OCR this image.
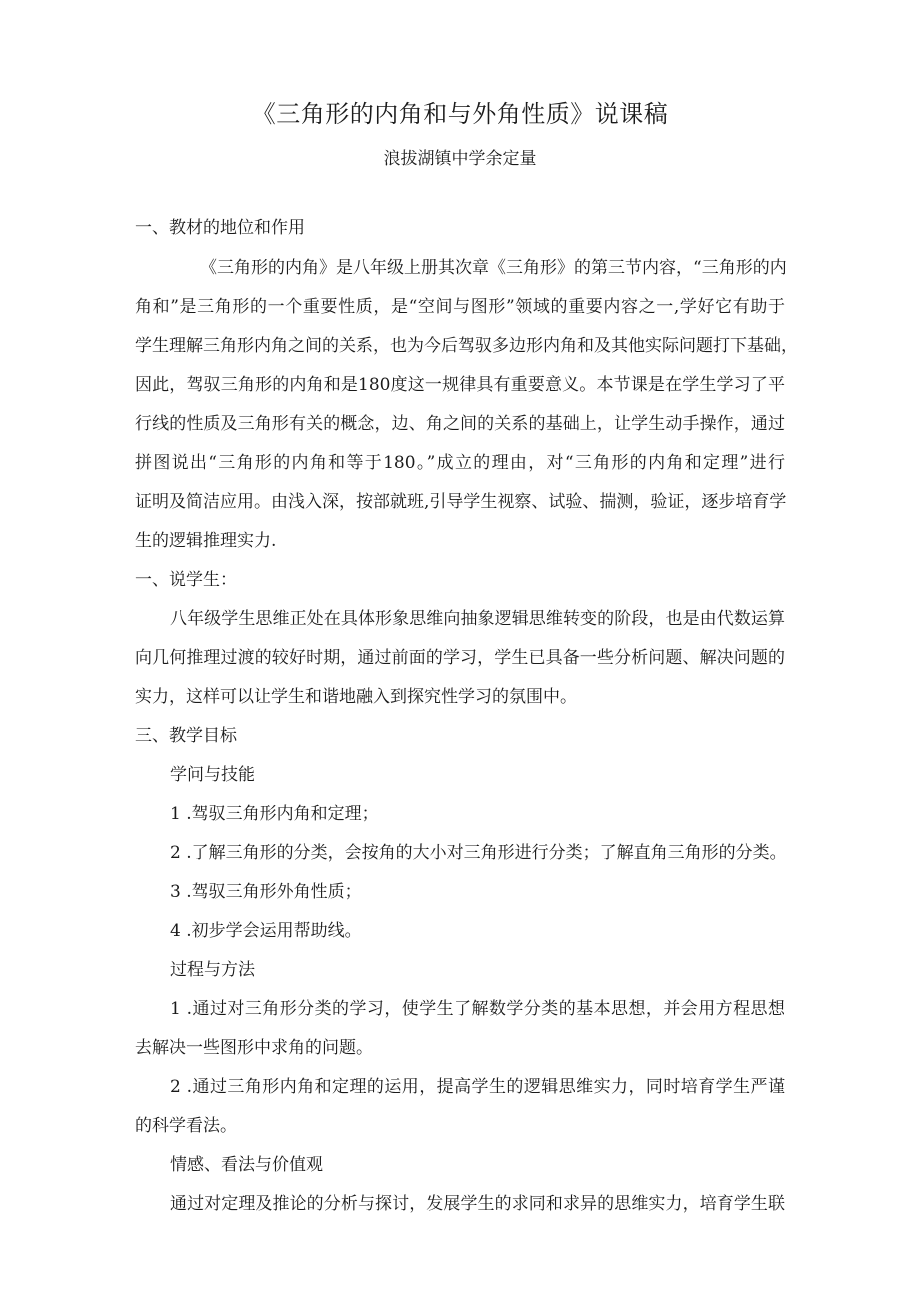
《三角形的内角和与外角性质》说课稿
浪拔湖镇中学余定量
一、教材的地位和作用
《三角形的内角》是八年级上册其次章《三角形》的第三节内容，“三角形的内
角和”是三角形的一个重要性质，是“空间与图形”领域的重要内容之一,学好它有助于
学生理解三角形内角之间的关系，也为今后驾驭多边形内角和及其他实际问题打下基础，
因此，驾驭三角形的内角和是180度这一规律具有重要意义。本节课是在学生学习了平
行线的性质及三角形有关的概念，边、角之间的关系的基础上，让学生动手操作，通过
拼图说出“三角形的内角和等于180。”成立的理由，对“三角形的内角和定理”进行
证明及简洁应用。由浅入深，按部就班,引导学生视察、试验、揣测，验证，逐步培育学
生的逻辑推理实力.
一、说学生：
八年级学生思维正处在具体形象思维向抽象逻辑思维转变的阶段，也是由代数运算
向几何推理过渡的较好时期，通过前面的学习，学生已具备一些分析问题、解决问题的
实力，这样可以让学生和谐地融入到探究性学习的氛围中。
三、教学目标
学问与技能
1 .驾驭三角形内角和定理；
2 .了解三角形的分类，会按角的大小对三角形进行分类；了解直角三角形的分类。
3 .驾驭三角形外角性质；
4 .初步学会运用帮助线。
过程与方法
1 .通过对三角形分类的学习，使学生了解数学分类的基本思想，并会用方程思想
去解决一些图形中求角的问题。
2 .通过三角形内角和定理的运用，提高学生的逻辑思维实力，同时培育学生严谨
的科学看法。
情感、看法与价值观
通过对定理及推论的分析与探讨，发展学生的求同和求异的思维实力，培育学生联
